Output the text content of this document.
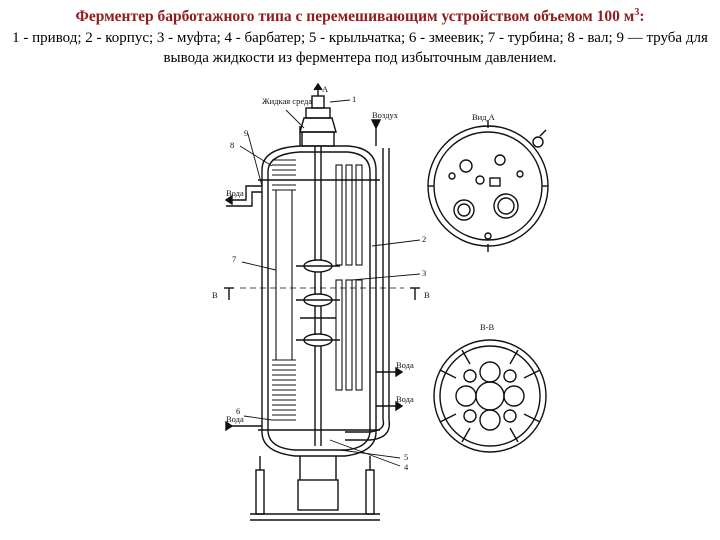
Ферментер барботажного типа с перемешивающим устройством объемом 100 $м^3$:
1 - привод; 2 - корпус; 3 - муфта; 4 - барбатер; 5 - крыльчатка; 6 - змеевик; 7 - турбина; 8 - вал; 9 — труба для вывода жидкости из ферментера под избыточным давлением.
Жидкая среда
Воздух
А
Вода
Вода
Вода
Вода
В	В
Вид А
В-В
1
2
3
4
5
6
7
8
9
